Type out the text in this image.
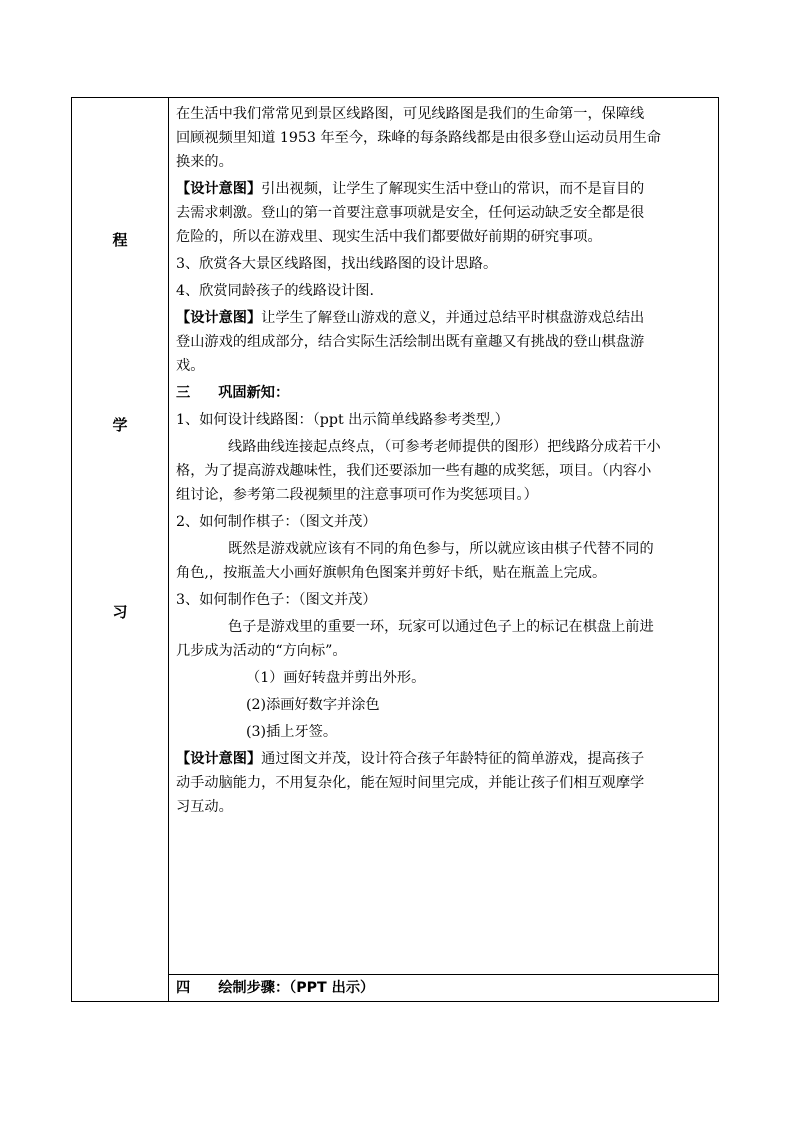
程
学
习
在生活中我们常常见到景区线路图，可见线路图是我们的生命第一，保障线
回顾视频里知道 1953 年至今，珠峰的每条路线都是由很多登山运动员用生命
换来的。
【设计意图】引出视频，让学生了解现实生活中登山的常识，而不是盲目的
去需求刺激。登山的第一首要注意事项就是安全，任何运动缺乏安全都是很
危险的，所以在游戏里、现实生活中我们都要做好前期的研究事项。
3、欣赏各大景区线路图，找出线路图的设计思路。
4、欣赏同龄孩子的线路设计图.
【设计意图】让学生了解登山游戏的意义，并通过总结平时棋盘游戏总结出
登山游戏的组成部分，结合实际生活绘制出既有童趣又有挑战的登山棋盘游
戏。
三 巩固新知：
1、如何设计线路图：（ppt 出示简单线路参考类型,）
线路曲线连接起点终点，（可参考老师提供的图形）把线路分成若干小
格，为了提高游戏趣味性，我们还要添加一些有趣的成奖惩，项目。（内容小
组讨论，参考第二段视频里的注意事项可作为奖惩项目。）
2、如何制作棋子：（图文并茂）
既然是游戏就应该有不同的角色参与，所以就应该由棋子代替不同的
角色,，按瓶盖大小画好旗帜角色图案并剪好卡纸，贴在瓶盖上完成。
3、如何制作色子：（图文并茂）
色子是游戏里的重要一环，玩家可以通过色子上的标记在棋盘上前进
几步成为活动的“方向标”。
（1）画好转盘并剪出外形。
(2)添画好数字并涂色
(3)插上牙签。
【设计意图】通过图文并茂，设计符合孩子年龄特征的简单游戏，提高孩子
动手动脑能力，不用复杂化，能在短时间里完成，并能让孩子们相互观摩学
习互动。
四 绘制步骤：（PPT 出示）
